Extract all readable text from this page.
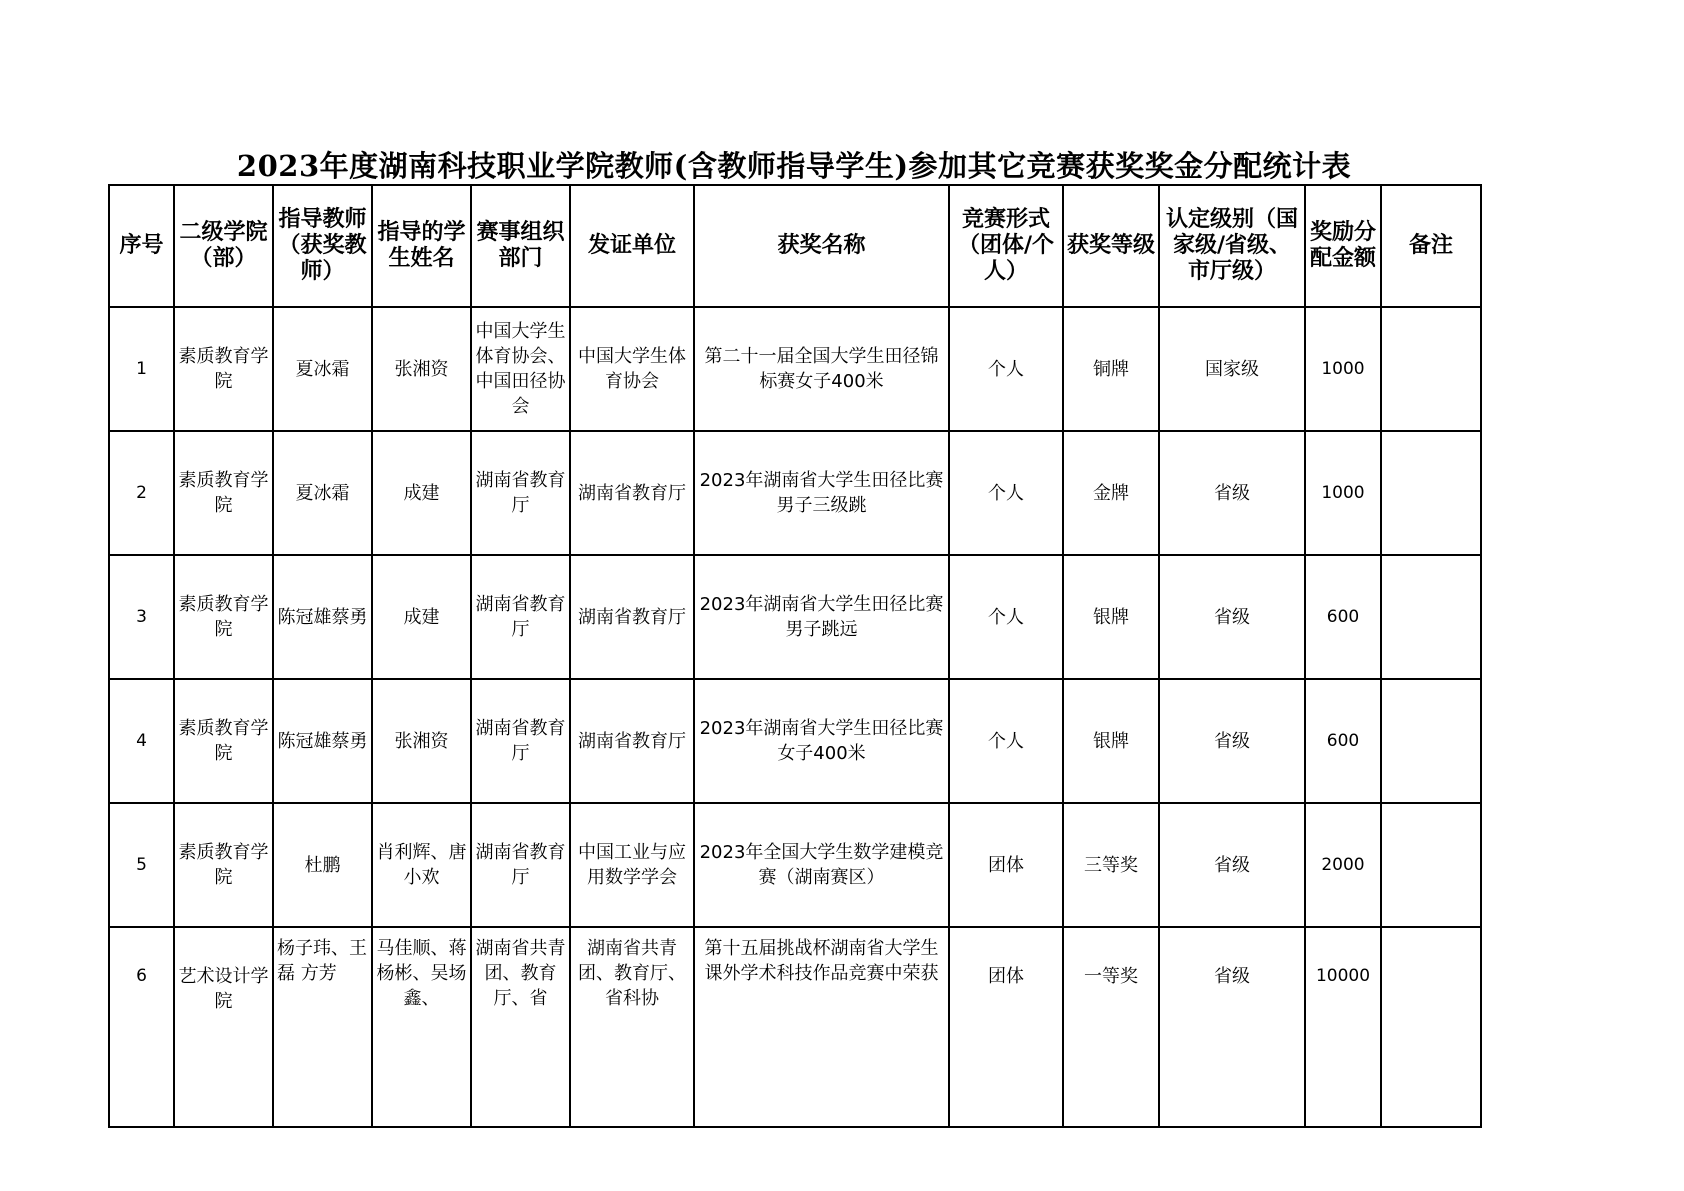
2023年度湖南科技职业学院教师(含教师指导学生)参加其它竞赛获奖奖金分配统计表
序号	二级学院（部）	指导教师（获奖教师）	指导的学生姓名	赛事组织部门	发证单位	获奖名称	竞赛形式（团体/个人）	获奖等级	认定级别（国家级/省级、市厅级）	奖励分配金额	备注
1	素质教育学院	夏冰霜	张湘资	中国大学生体育协会、中国田径协会	中国大学生体育协会	第二十一届全国大学生田径锦标赛女子400米	个人	铜牌	国家级	1000	
2	素质教育学院	夏冰霜	成建	湖南省教育厅	湖南省教育厅	2023年湖南省大学生田径比赛男子三级跳	个人	金牌	省级	1000	
3	素质教育学院	陈冠雄蔡勇	成建	湖南省教育厅	湖南省教育厅	2023年湖南省大学生田径比赛男子跳远	个人	银牌	省级	600	
4	素质教育学院	陈冠雄蔡勇	张湘资	湖南省教育厅	湖南省教育厅	2023年湖南省大学生田径比赛女子400米	个人	银牌	省级	600	
5	素质教育学院	杜鹏	肖利辉、唐小欢	湖南省教育厅	中国工业与应用数学学会	2023年全国大学生数学建模竞赛（湖南赛区）	团体	三等奖	省级	2000	
6	艺术设计学院	杨子玮、王磊 方芳	马佳顺、蒋杨彬、吴场鑫、	湖南省共青团、教育厅、省	湖南省共青团、教育厅、省科协	第十五届挑战杯湖南省大学生课外学术科技作品竞赛中荣获	团体	一等奖	省级	10000	
